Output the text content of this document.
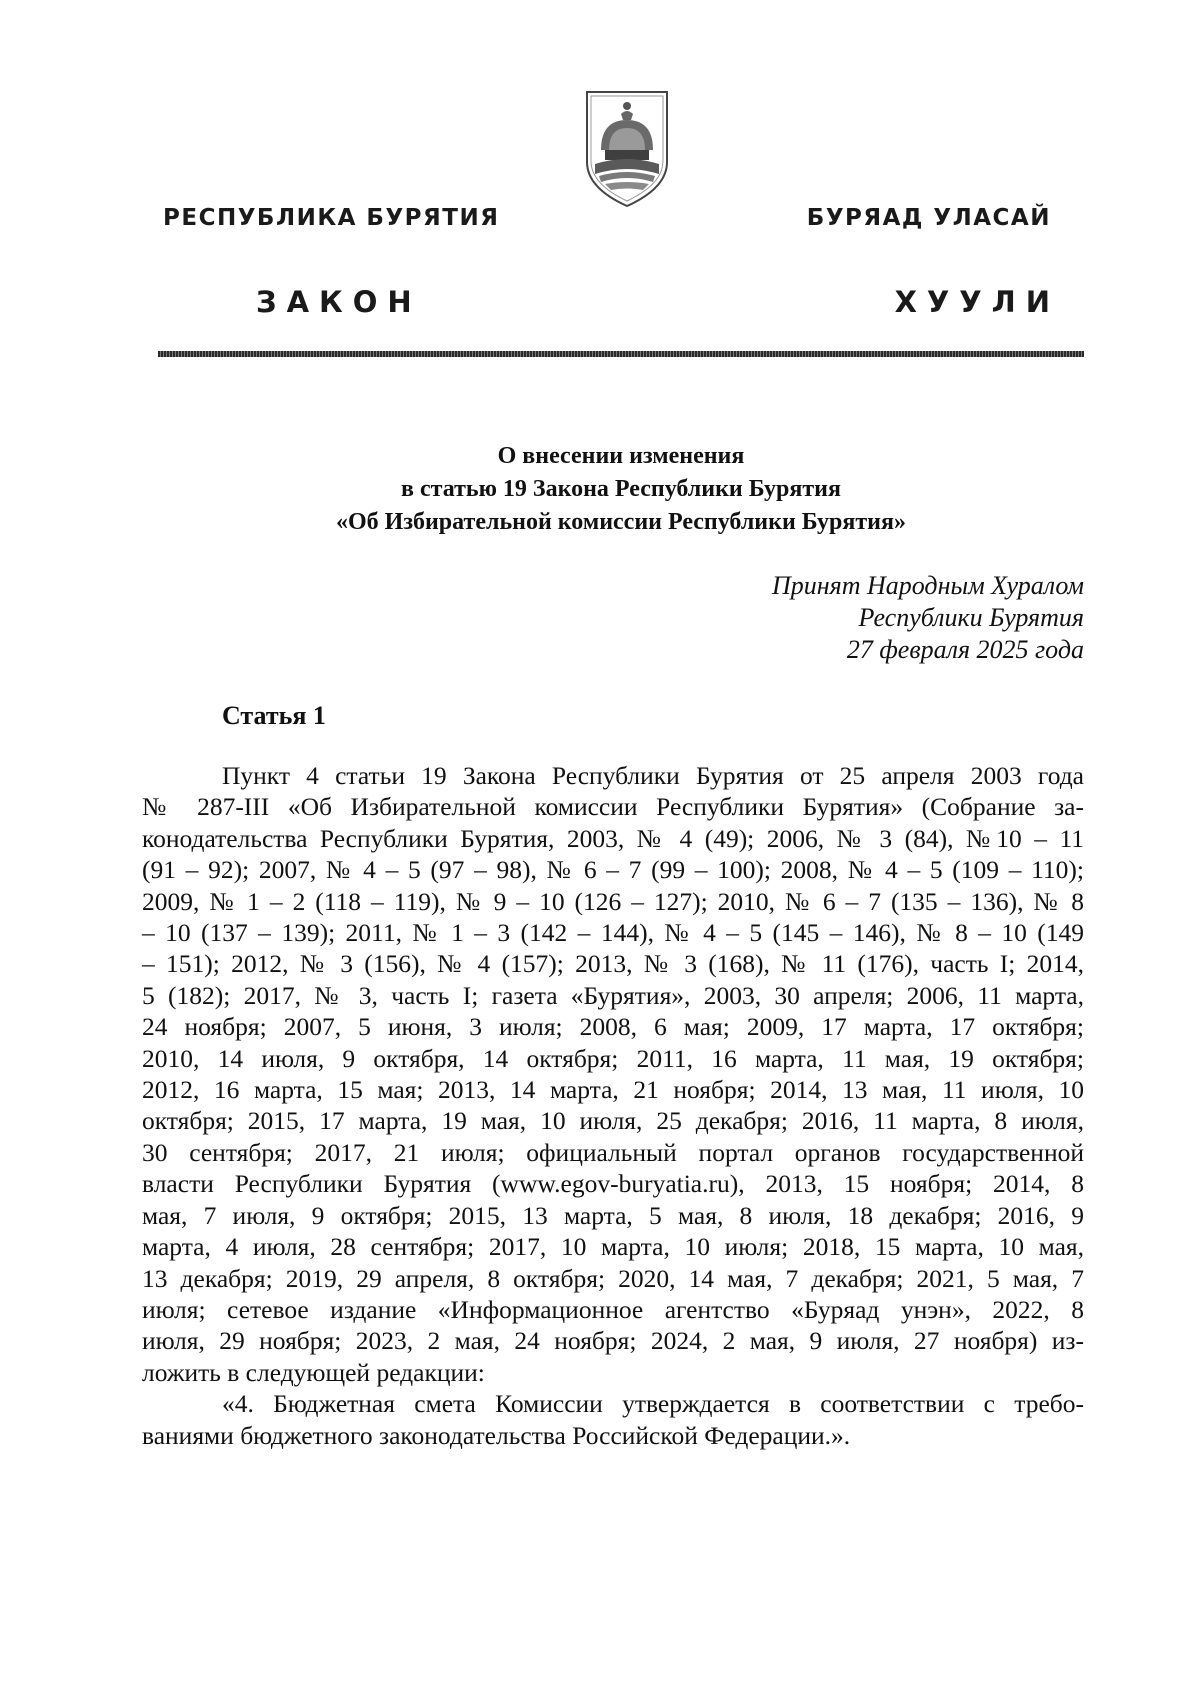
РЕСПУБЛИКА БУРЯТИЯ	БУРЯАД УЛАСАЙ
ЗАКОН	ХУУЛИ
О внесении изменения
в статью 19 Закона Республики Бурятия
«Об Избирательной комиссии Республики Бурятия»
Принят Народным Хуралом
Республики Бурятия
27 февраля 2025 года
Статья 1
Пункт 4 статьи 19 Закона Республики Бурятия от 25 апреля 2003 года
№ 287-III «Об Избирательной комиссии Республики Бурятия» (Собрание за-
конодательства Республики Бурятия, 2003, № 4 (49); 2006, № 3 (84), №10 – 11
(91 – 92); 2007, № 4 – 5 (97 – 98), № 6 – 7 (99 – 100); 2008, № 4 – 5 (109 – 110);
2009, № 1 – 2 (118 – 119), № 9 – 10 (126 – 127); 2010, № 6 – 7 (135 – 136), № 8
– 10 (137 – 139); 2011, № 1 – 3 (142 – 144), № 4 – 5 (145 – 146), № 8 – 10 (149
– 151); 2012, № 3 (156), № 4 (157); 2013, № 3 (168), № 11 (176), часть I; 2014,
5 (182); 2017, № 3, часть I; газета «Бурятия», 2003, 30 апреля; 2006, 11 марта,
24 ноября; 2007, 5 июня, 3 июля; 2008, 6 мая; 2009, 17 марта, 17 октября;
2010, 14 июля, 9 октября, 14 октября; 2011, 16 марта, 11 мая, 19 октября;
2012, 16 марта, 15 мая; 2013, 14 марта, 21 ноября; 2014, 13 мая, 11 июля, 10
октября; 2015, 17 марта, 19 мая, 10 июля, 25 декабря; 2016, 11 марта, 8 июля,
30 сентября; 2017, 21 июля; официальный портал органов государственной
власти Республики Бурятия (www.egov-buryatia.ru), 2013, 15 ноября; 2014, 8
мая, 7 июля, 9 октября; 2015, 13 марта, 5 мая, 8 июля, 18 декабря; 2016, 9
марта, 4 июля, 28 сентября; 2017, 10 марта, 10 июля; 2018, 15 марта, 10 мая,
13 декабря; 2019, 29 апреля, 8 октября; 2020, 14 мая, 7 декабря; 2021, 5 мая, 7
июля; сетевое издание «Информационное агентство «Буряад унэн», 2022, 8
июля, 29 ноября; 2023, 2 мая, 24 ноября; 2024, 2 мая, 9 июля, 27 ноября) из-
ложить в следующей редакции:
«4. Бюджетная смета Комиссии утверждается в соответствии с требо-
ваниями бюджетного законодательства Российской Федерации.».
